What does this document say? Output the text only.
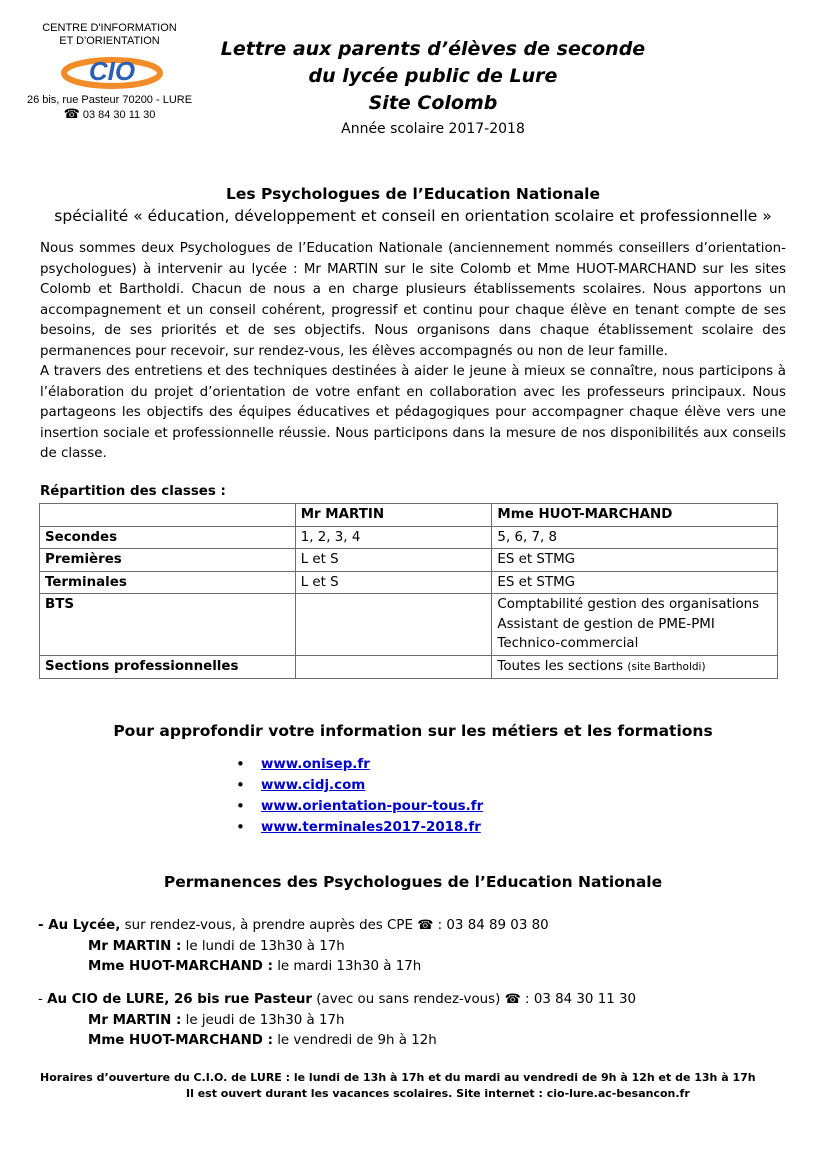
CENTRE D'INFORMATION
ET D'ORIENTATION
CIO
26 bis, rue Pasteur 70200 - LURE
☎ 03 84 30 11 30
Lettre aux parents d’élèves de seconde
du lycée public de Lure
Site Colomb
Année scolaire 2017-2018
Les Psychologues de l’Education Nationale
spécialité « éducation, développement et conseil en orientation scolaire et professionnelle »

Nous sommes deux Psychologues de l’Education Nationale (anciennement nommés conseillers d’orientation-psychologues) à intervenir au lycée : Mr MARTIN sur le site Colomb et Mme HUOT-MARCHAND sur les sites Colomb et Bartholdi. Chacun de nous a en charge plusieurs établissements scolaires. Nous apportons un accompagnement et un conseil cohérent, progressif et continu pour chaque élève en tenant compte de ses besoins, de ses priorités et de ses objectifs. Nous organisons dans chaque établissement scolaire des permanences pour recevoir, sur rendez-vous, les élèves accompagnés ou non de leur famille.

A travers des entretiens et des techniques destinées à aider le jeune à mieux se connaître, nous participons à l’élaboration du projet d’orientation de votre enfant en collaboration avec les professeurs principaux. Nous partageons les objectifs des équipes éducatives et pédagogiques pour accompagner chaque élève vers une insertion sociale et professionnelle réussie. Nous participons dans la mesure de nos disponibilités aux conseils de classe.

Répartition des classes :
	Mr MARTIN	Mme HUOT-MARCHAND
Secondes	1, 2, 3, 4	5, 6, 7, 8
Premières	L et S	ES et STMG
Terminales	L et S	ES et STMG
BTS		Comptabilité gestion des organisations
Assistant de gestion de PME-PMI
Technico-commercial

Sections professionnelles		Toutes les sections (site Bartholdi)
Pour approfondir votre information sur les métiers et les formations
• www.onisep.fr
• www.cidj.com
• www.orientation-pour-tous.fr
• www.terminales2017-2018.fr
Permanences des Psychologues de l’Education Nationale
- Au Lycée, sur rendez-vous, à prendre auprès des CPE ☎ : 03 84 89 03 80
Mr MARTIN : le lundi de 13h30 à 17h
Mme HUOT-MARCHAND : le mardi 13h30 à 17h
- Au CIO de LURE, 26 bis rue Pasteur (avec ou sans rendez-vous) ☎ : 03 84 30 11 30
Mr MARTIN : le jeudi de 13h30 à 17h
Mme HUOT-MARCHAND : le vendredi de 9h à 12h
Horaires d’ouverture du C.I.O. de LURE : le lundi de 13h à 17h et du mardi au vendredi de 9h à 12h et de 13h à 17h
Il est ouvert durant les vacances scolaires. Site internet : cio-lure.ac-besancon.fr
